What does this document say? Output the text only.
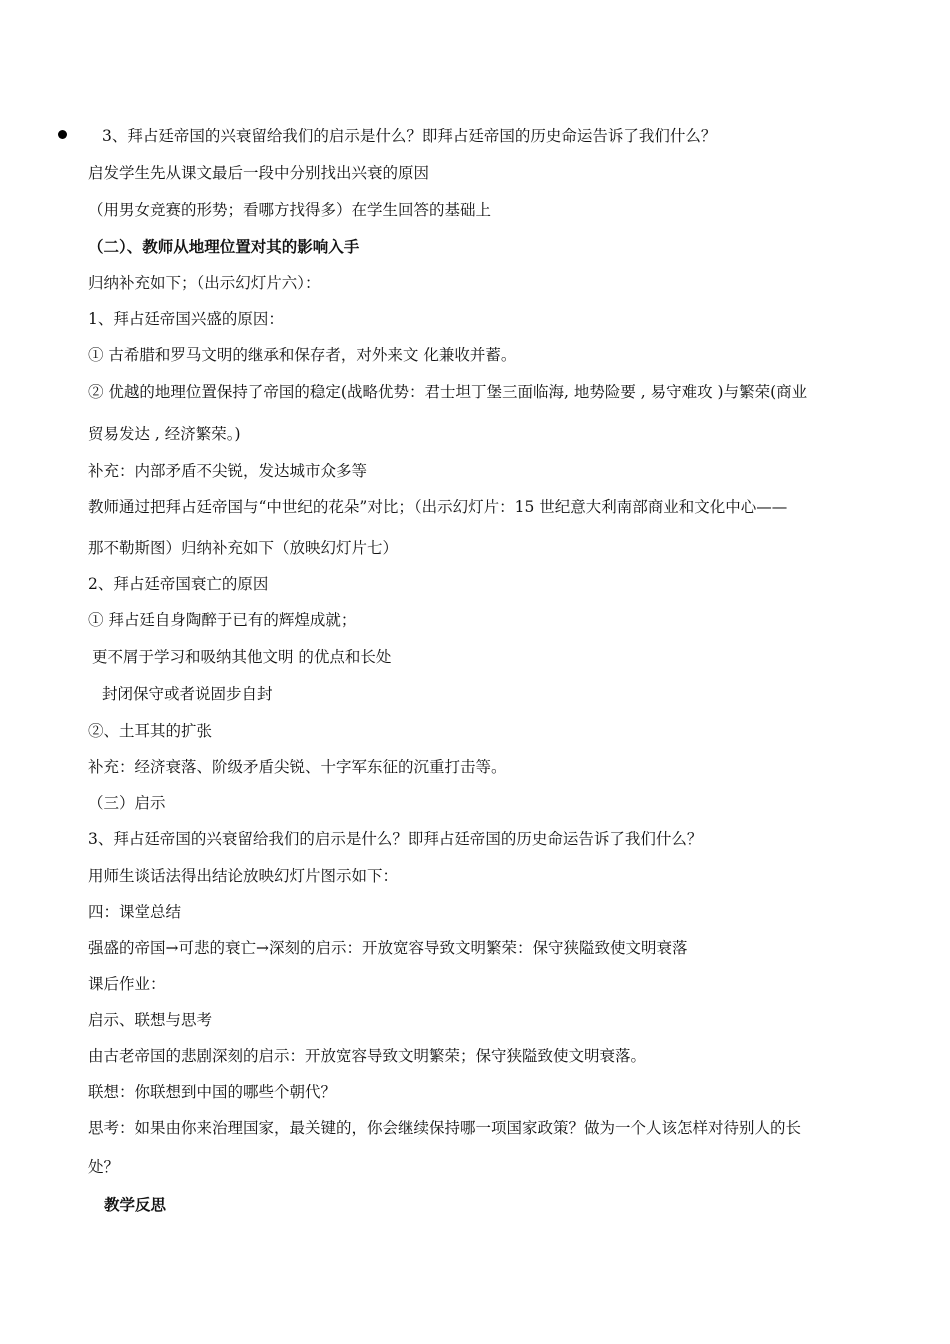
3、拜占廷帝国的兴衰留给我们的启示是什么？即拜占廷帝国的历史命运告诉了我们什么？
启发学生先从课文最后一段中分别找出兴衰的原因
（用男女竞赛的形势；看哪方找得多）在学生回答的基础上
（二）、教师从地理位置对其的影响入手
归纳补充如下；（出示幻灯片六）：
1、拜占廷帝国兴盛的原因：
① 古希腊和罗马文明的继承和保存者，对外来文 化兼收并蓄。
② 优越的地理位置保持了帝国的稳定(战略优势：君士坦丁堡三面临海, 地势险要 , 易守难攻 )与繁荣(商业
贸易发达 , 经济繁荣。)
补充：内部矛盾不尖锐，发达城市众多等
教师通过把拜占廷帝国与“中世纪的花朵”对比；（出示幻灯片：15 世纪意大利南部商业和文化中心——
那不勒斯图）归纳补充如下（放映幻灯片七）
2、拜占廷帝国衰亡的原因
① 拜占廷自身陶醉于已有的辉煌成就；
更不屑于学习和吸纳其他文明 的优点和长处
封闭保守或者说固步自封
②、土耳其的扩张
补充：经济衰落、阶级矛盾尖锐、十字军东征的沉重打击等。
（三）启示
3、拜占廷帝国的兴衰留给我们的启示是什么？即拜占廷帝国的历史命运告诉了我们什么？
用师生谈话法得出结论放映幻灯片图示如下：
四：课堂总结
强盛的帝国→可悲的衰亡→深刻的启示：开放宽容导致文明繁荣：保守狭隘致使文明衰落
课后作业：
启示、联想与思考
由古老帝国的悲剧深刻的启示：开放宽容导致文明繁荣；保守狭隘致使文明衰落。
联想：你联想到中国的哪些个朝代？
思考：如果由你来治理国家，最关键的，你会继续保持哪一项国家政策？做为一个人该怎样对待别人的长
处？
教学反思
